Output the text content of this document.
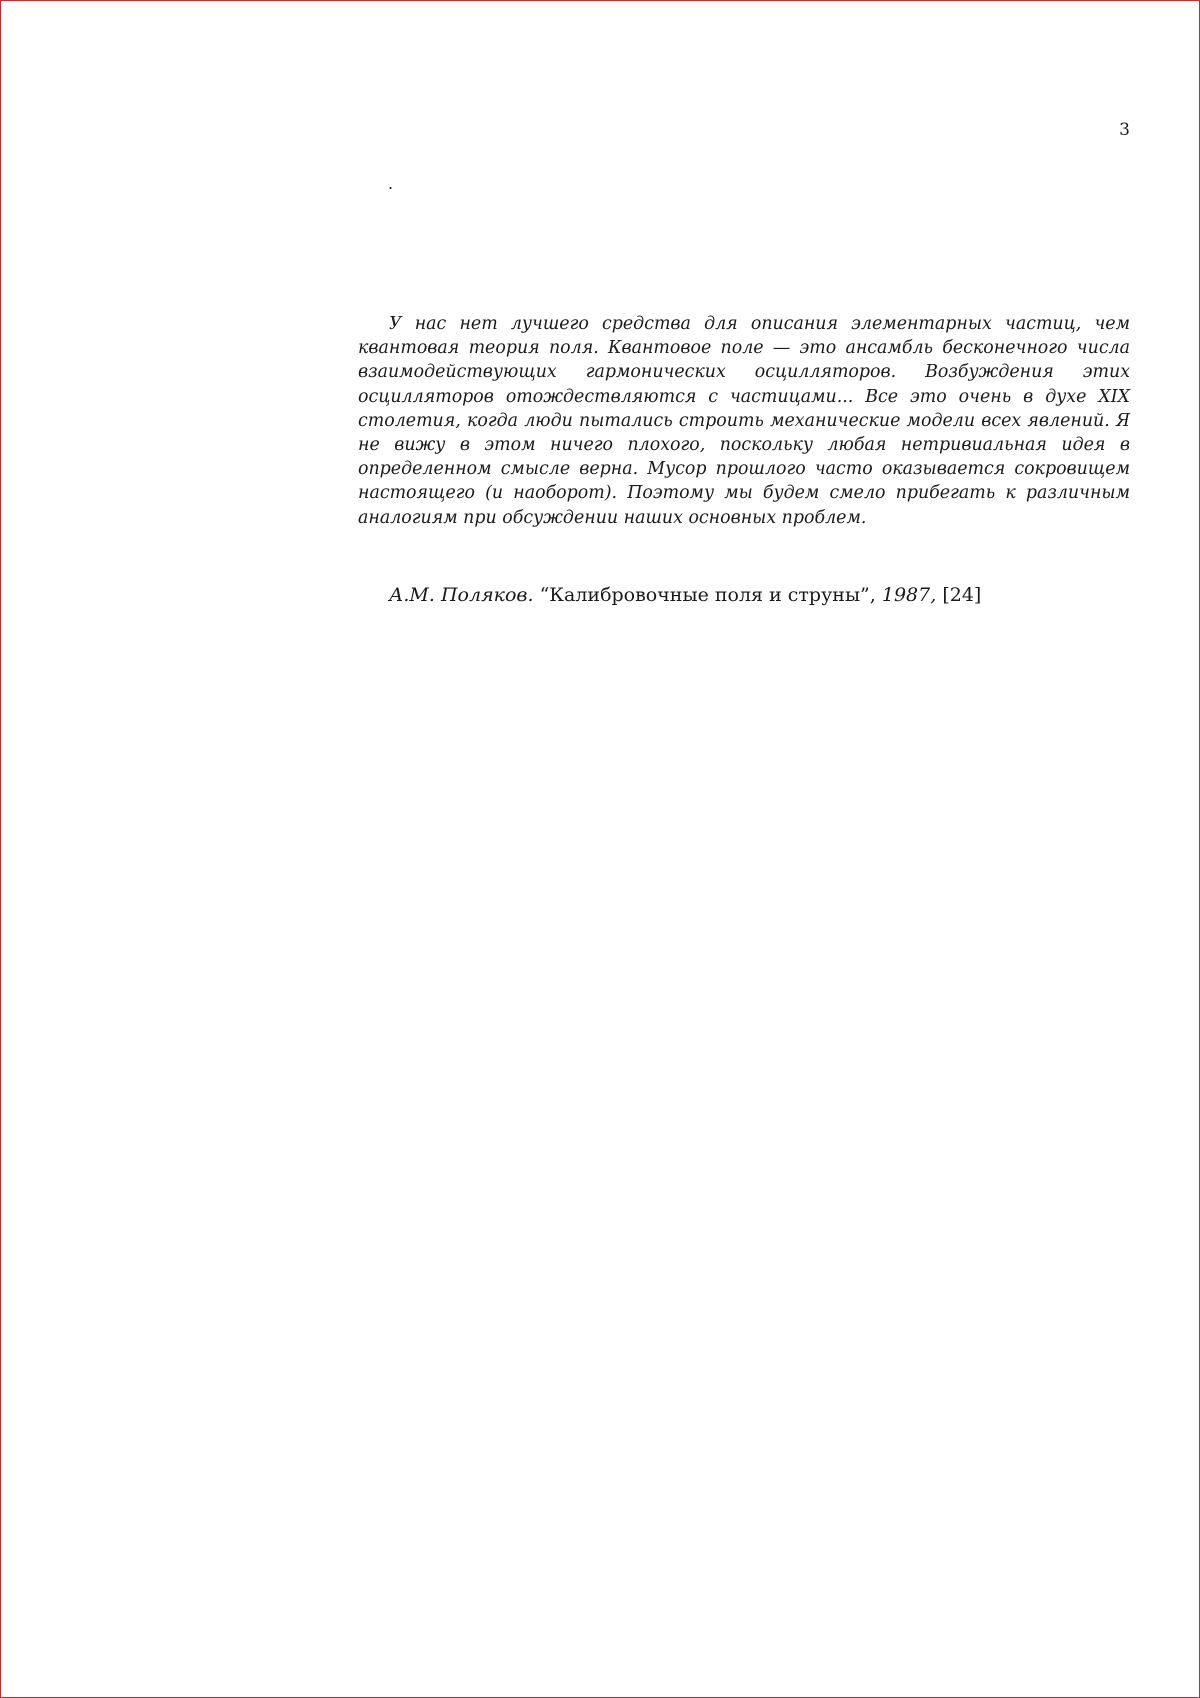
3
.

У нас нет лучшего средства для описания элементарных частиц, чем квантовая теория поля. Квантовое поле — это ансамбль бесконечного числа взаимодействующих гармонических осцилляторов. Возбуждения этих осцилляторов отождествляются с частицами... Все это очень в духе XIX столетия, когда люди пытались строить механические модели всех явлений. Я не вижу в этом ничего плохого, поскольку любая нетривиальная идея в определенном смысле верна. Мусор прошлого часто оказывается сокровищем настоящего (и наоборот). Поэтому мы будем смело прибегать к различным аналогиям при обсуждении наших основных проблем.

А.М. Поляков. “Калибровочные поля и струны”, 1987, [24]
